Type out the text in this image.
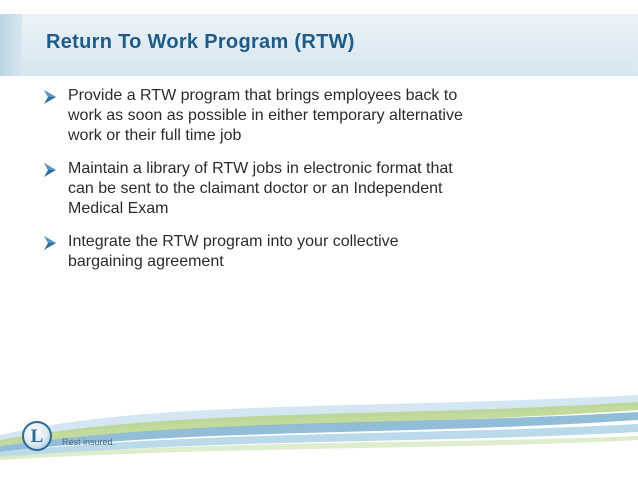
Return To Work Program (RTW)
Provide a RTW program that brings employees back to
work as soon as possible in either temporary alternative
work or their full time job
Maintain a library of RTW jobs in electronic format that
can be sent to the claimant doctor or an Independent
Medical Exam
Integrate the RTW program into your collective
bargaining agreement
L	Rest insured.
